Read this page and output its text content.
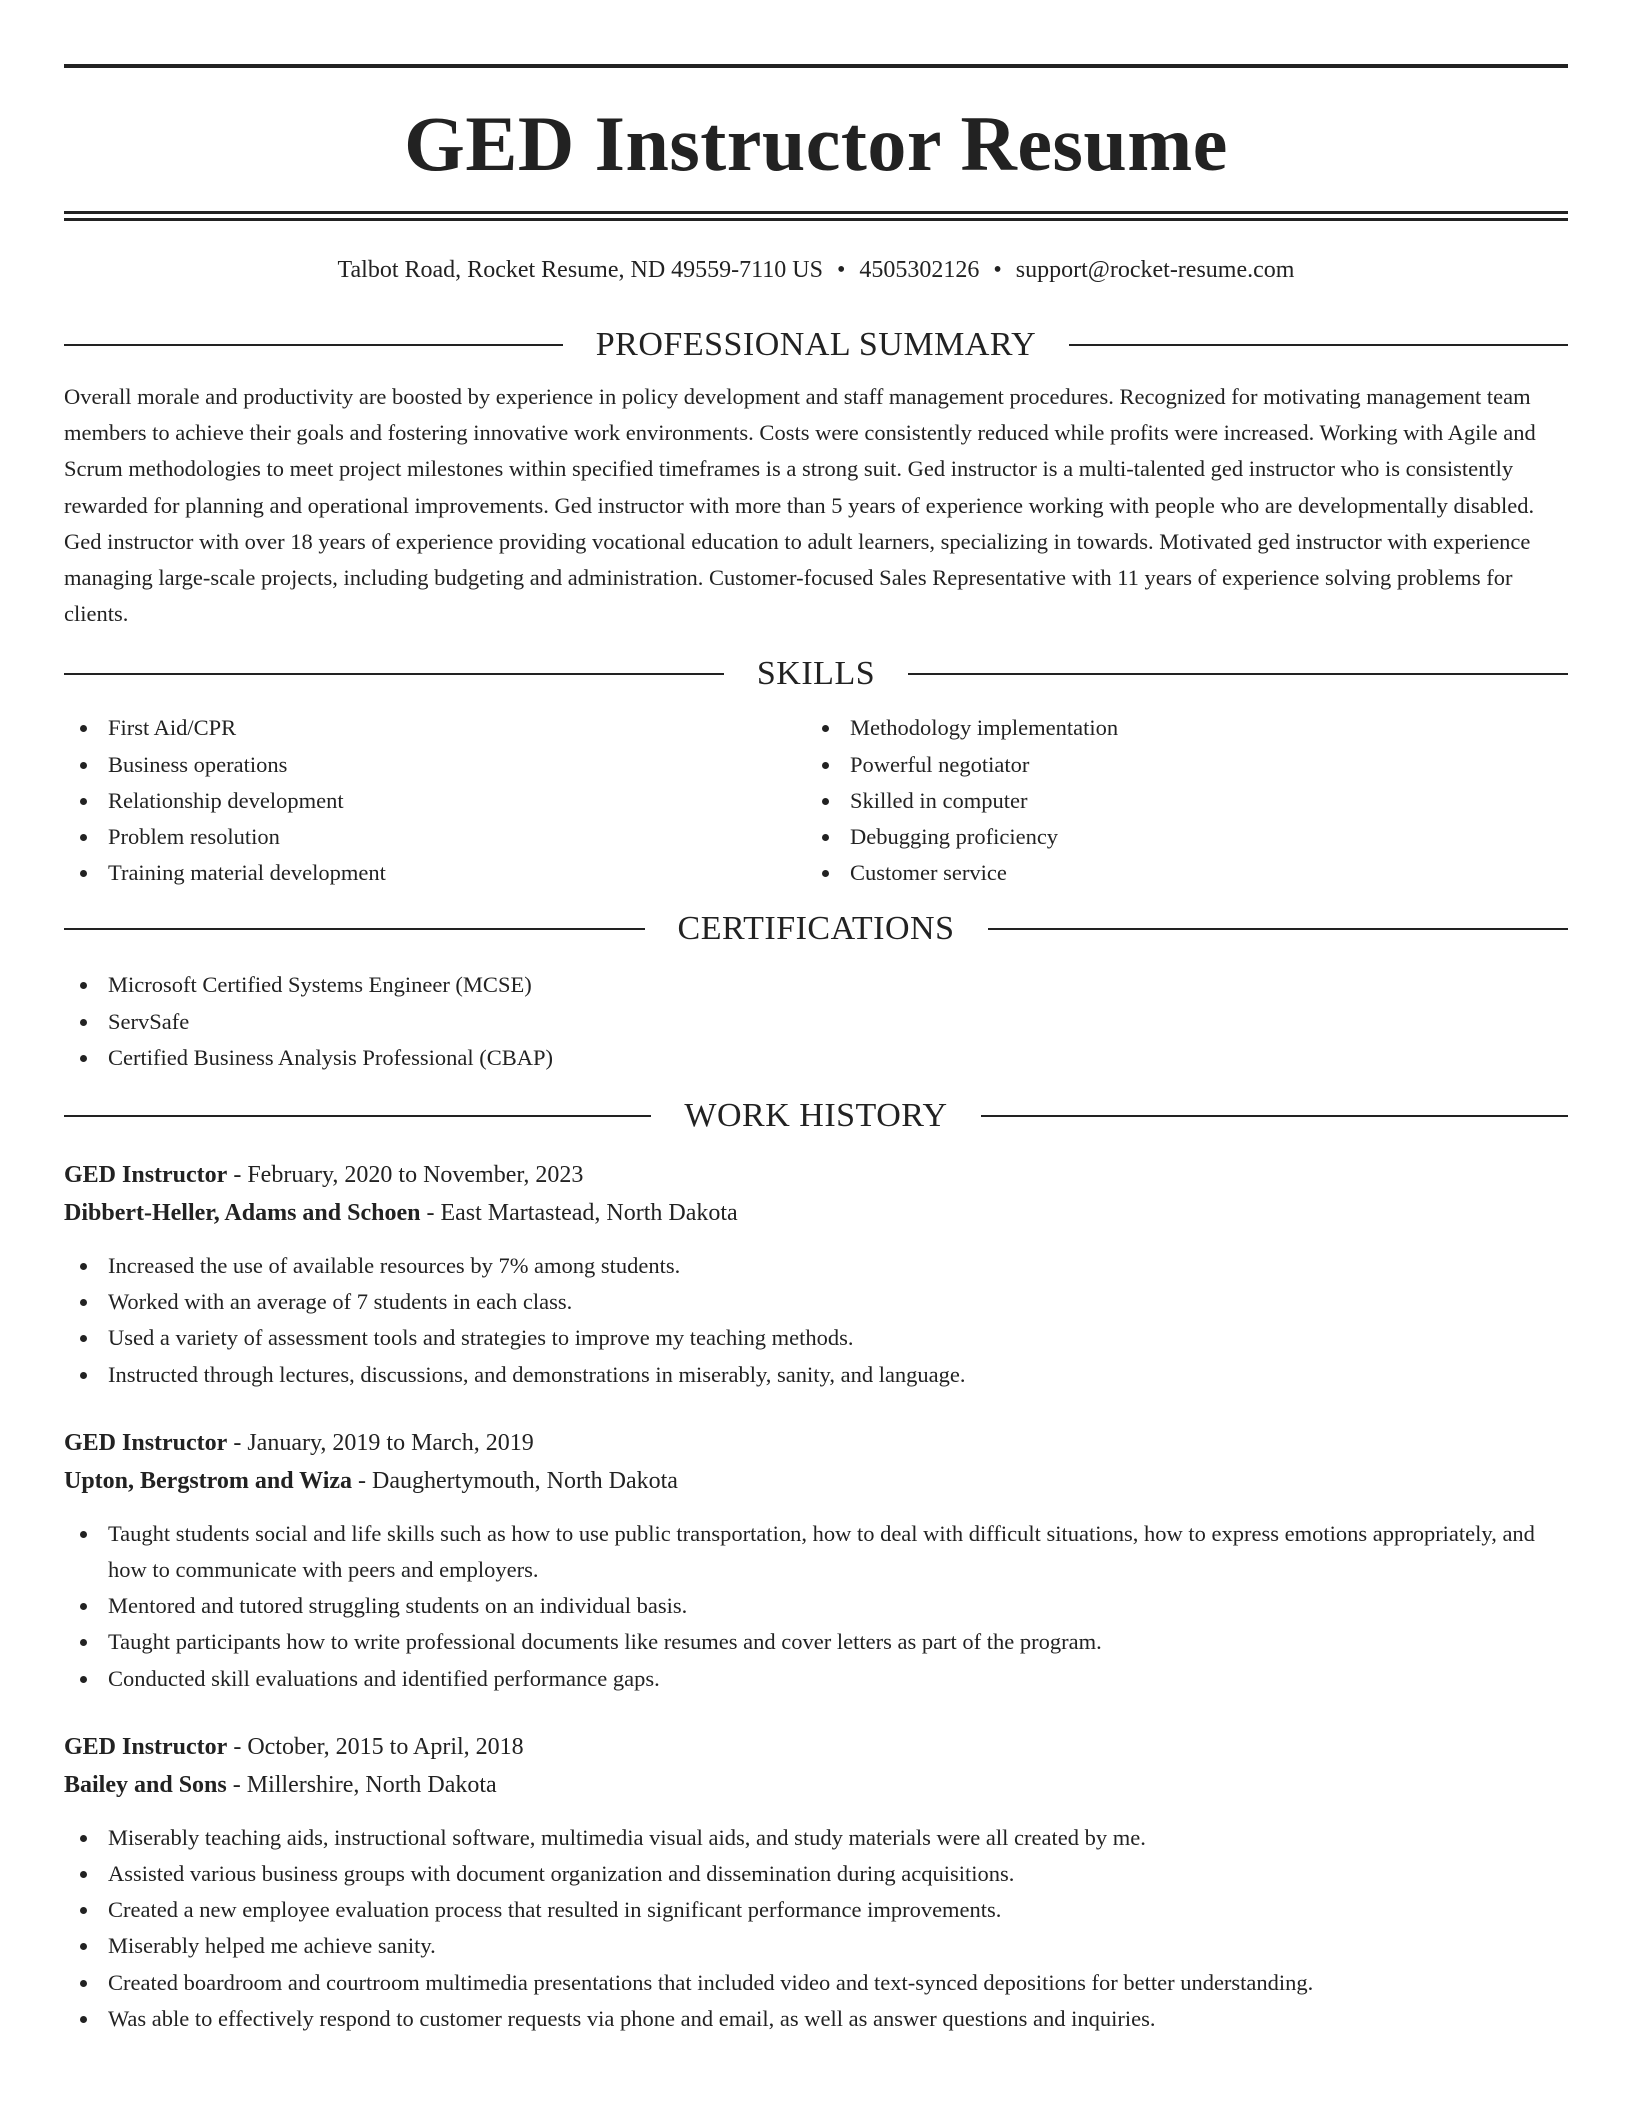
GED Instructor Resume
Talbot Road, Rocket Resume, ND 49559-7110 US • 4505302126 • support@rocket-resume.com
PROFESSIONAL SUMMARY

Overall morale and productivity are boosted by experience in policy development and staff management procedures. Recognized for motivating management team members to achieve their goals and fostering innovative work environments. Costs were consistently reduced while profits were increased. Working with Agile and Scrum methodologies to meet project milestones within specified timeframes is a strong suit. Ged instructor is a multi-talented ged instructor who is consistently rewarded for planning and operational improvements. Ged instructor with more than 5 years of experience working with people who are developmentally disabled. Ged instructor with over 18 years of experience providing vocational education to adult learners, specializing in towards. Motivated ged instructor with experience managing large-scale projects, including budgeting and administration. Customer-focused Sales Representative with 11 years of experience solving problems for clients.

SKILLS
First Aid/CPR
Business operations
Relationship development
Problem resolution
Training material development
Methodology implementation
Powerful negotiator
Skilled in computer
Debugging proficiency
Customer service
CERTIFICATIONS
Microsoft Certified Systems Engineer (MCSE)
ServSafe
Certified Business Analysis Professional (CBAP)
WORK HISTORY
GED Instructor - February, 2020 to November, 2023
Dibbert-Heller, Adams and Schoen - East Martastead, North Dakota
Increased the use of available resources by 7% among students.
Worked with an average of 7 students in each class.
Used a variety of assessment tools and strategies to improve my teaching methods.
Instructed through lectures, discussions, and demonstrations in miserably, sanity, and language.
GED Instructor - January, 2019 to March, 2019
Upton, Bergstrom and Wiza - Daughertymouth, North Dakota
Taught students social and life skills such as how to use public transportation, how to deal with difficult situations, how to express emotions appropriately, and how to communicate with peers and employers.
Mentored and tutored struggling students on an individual basis.
Taught participants how to write professional documents like resumes and cover letters as part of the program.
Conducted skill evaluations and identified performance gaps.
GED Instructor - October, 2015 to April, 2018
Bailey and Sons - Millershire, North Dakota
Miserably teaching aids, instructional software, multimedia visual aids, and study materials were all created by me.
Assisted various business groups with document organization and dissemination during acquisitions.
Created a new employee evaluation process that resulted in significant performance improvements.
Miserably helped me achieve sanity.
Created boardroom and courtroom multimedia presentations that included video and text-synced depositions for better understanding.
Was able to effectively respond to customer requests via phone and email, as well as answer questions and inquiries.
